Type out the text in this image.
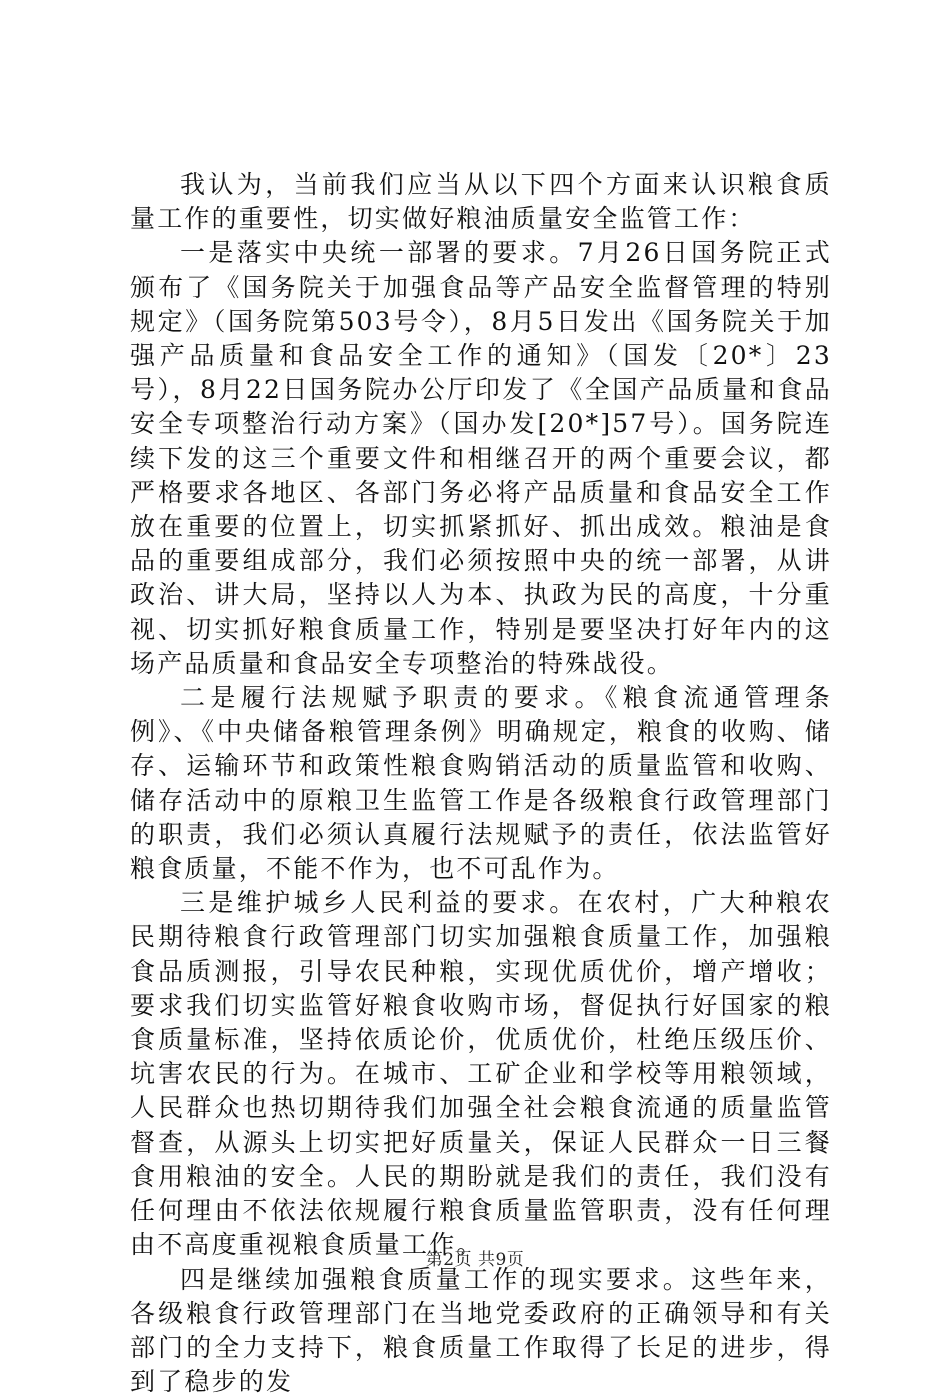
我认为，当前我们应当从以下四个方面来认识粮食质量工作的重要性，切实做好粮油质量安全监管工作：

一是落实中央统一部署的要求。7月26日国务院正式颁布了《国务院关于加强食品等产品安全监督管理的特别规定》（国务院第503号令），8月5日发出《国务院关于加强产品质量和食品安全工作的通知》（国发〔20*〕23号），8月22日国务院办公厅印发了《全国产品质量和食品安全专项整治行动方案》（国办发[20*]57号）。国务院连续下发的这三个重要文件和相继召开的两个重要会议，都严格要求各地区、各部门务必将产品质量和食品安全工作放在重要的位置上，切实抓紧抓好、抓出成效。粮油是食品的重要组成部分，我们必须按照中央的统一部署，从讲政治、讲大局，坚持以人为本、执政为民的高度，十分重视、切实抓好粮食质量工作，特别是要坚决打好年内的这场产品质量和食品安全专项整治的特殊战役。

二是履行法规赋予职责的要求。《粮食流通管理条例》、《中央储备粮管理条例》明确规定，粮食的收购、储存、运输环节和政策性粮食购销活动的质量监管和收购、储存活动中的原粮卫生监管工作是各级粮食行政管理部门的职责，我们必须认真履行法规赋予的责任，依法监管好粮食质量，不能不作为，也不可乱作为。

三是维护城乡人民利益的要求。在农村，广大种粮农民期待粮食行政管理部门切实加强粮食质量工作，加强粮食品质测报，引导农民种粮，实现优质优价，增产增收；要求我们切实监管好粮食收购市场，督促执行好国家的粮食质量标准，坚持依质论价，优质优价，杜绝压级压价、坑害农民的行为。在城市、工矿企业和学校等用粮领域，人民群众也热切期待我们加强全社会粮食流通的质量监管督查，从源头上切实把好质量关，保证人民群众一日三餐食用粮油的安全。人民的期盼就是我们的责任，我们没有任何理由不依法依规履行粮食质量监管职责，没有任何理由不高度重视粮食质量工作。

四是继续加强粮食质量工作的现实要求。这些年来，各级粮食行政管理部门在当地党委政府的正确领导和有关部门的全力支持下，粮食质量工作取得了长足的进步，得到了稳步的发

第2页 共9页
